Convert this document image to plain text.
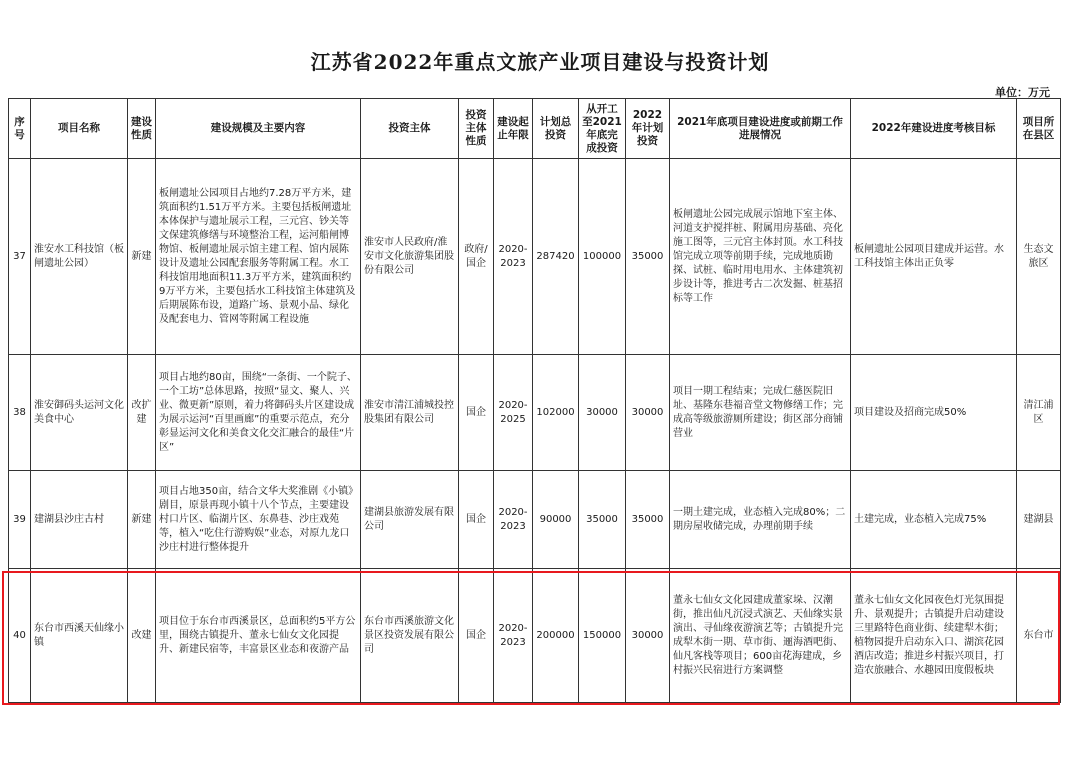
江苏省2022年重点文旅产业项目建设与投资计划
单位：万元
序号	项目名称	建设性质	建设规模及主要内容	投资主体	投资主体性质	建设起止年限	计划总投资	从开工至2021年底完成投资	2022年计划投资	2021年底项目建设进度或前期工作进展情况	2022年建设进度考核目标	项目所在县区
37	淮安水工科技馆（板闸遗址公园）	新建	板闸遗址公园项目占地约7.28万平方米，建筑面积约1.51万平方米。主要包括板闸遗址本体保护与遗址展示工程，三元宫、钞关等文保建筑修缮与环境整治工程，运河船闸博物馆、板闸遗址展示馆主建工程、馆内展陈设计及遗址公园配套服务等附属工程。水工科技馆用地面积11.3万平方米，建筑面积约9万平方米，主要包括水工科技馆主体建筑及后期展陈布设，道路广场、景观小品、绿化及配套电力、管网等附属工程设施	淮安市人民政府/淮安市文化旅游集团股份有限公司	政府/国企	2020-2023	287420	100000	35000	板闸遗址公园完成展示馆地下室主体、河道支护搅拌桩、附属用房基础、亮化施工图等，三元宫主体封顶。水工科技馆完成立项等前期手续，完成地质勘探、试桩、临时用电用水、主体建筑初步设计等，推进考古二次发掘、桩基招标等工作	板闸遗址公园项目建成并运营。水工科技馆主体出正负零	生态文旅区
38	淮安御码头运河文化美食中心	改扩建	项目占地约80亩，围绕“一条街、一个院子、一个工坊”总体思路，按照“显文、聚人、兴业、微更新”原则，着力将御码头片区建设成为展示运河“百里画廊”的重要示范点，充分彰显运河文化和美食文化交汇融合的最佳“片区”	淮安市清江浦城投控股集团有限公司	国企	2020-2025	102000	30000	30000	项目一期工程结束；完成仁慈医院旧址、基隆东巷福音堂文物修缮工作；完成高等级旅游厕所建设；街区部分商铺营业	项目建设及招商完成50%	清江浦区
39	建湖县沙庄古村	新建	项目占地350亩，结合文华大奖淮剧《小镇》剧目，原景再现小镇十八个节点，主要建设村口片区、临湖片区、东鼻巷、沙庄戏苑等，植入“吃住行游购娱”业态，对原九龙口沙庄村进行整体提升	建湖县旅游发展有限公司	国企	2020-2023	90000	35000	35000	一期土建完成，业态植入完成80%；二期房屋收储完成，办理前期手续	土建完成，业态植入完成75%	建湖县
40	东台市西溪天仙缘小镇	改建	项目位于东台市西溪景区，总面积约5平方公里，围绕古镇提升、董永七仙女文化园提升、新建民宿等，丰富景区业态和夜游产品	东台市西溪旅游文化景区投资发展有限公司	国企	2020-2023	200000	150000	30000	董永七仙女文化园建成董家垛、汉潮街，推出仙凡沉浸式演艺、天仙缘实景演出、寻仙缘夜游演艺等；古镇提升完成犁木街一期、草市街、逦海酒吧街、仙凡客栈等项目；600亩花海建成，乡村振兴民宿进行方案调整	董永七仙女文化园夜色灯光氛围提升、景观提升；古镇提升启动建设三里路特色商业街、续建犁木街；植物园提升启动东入口、湖滨花园酒店改造；推进乡村振兴项目，打造农旅融合、水趣园田度假板块	东台市
